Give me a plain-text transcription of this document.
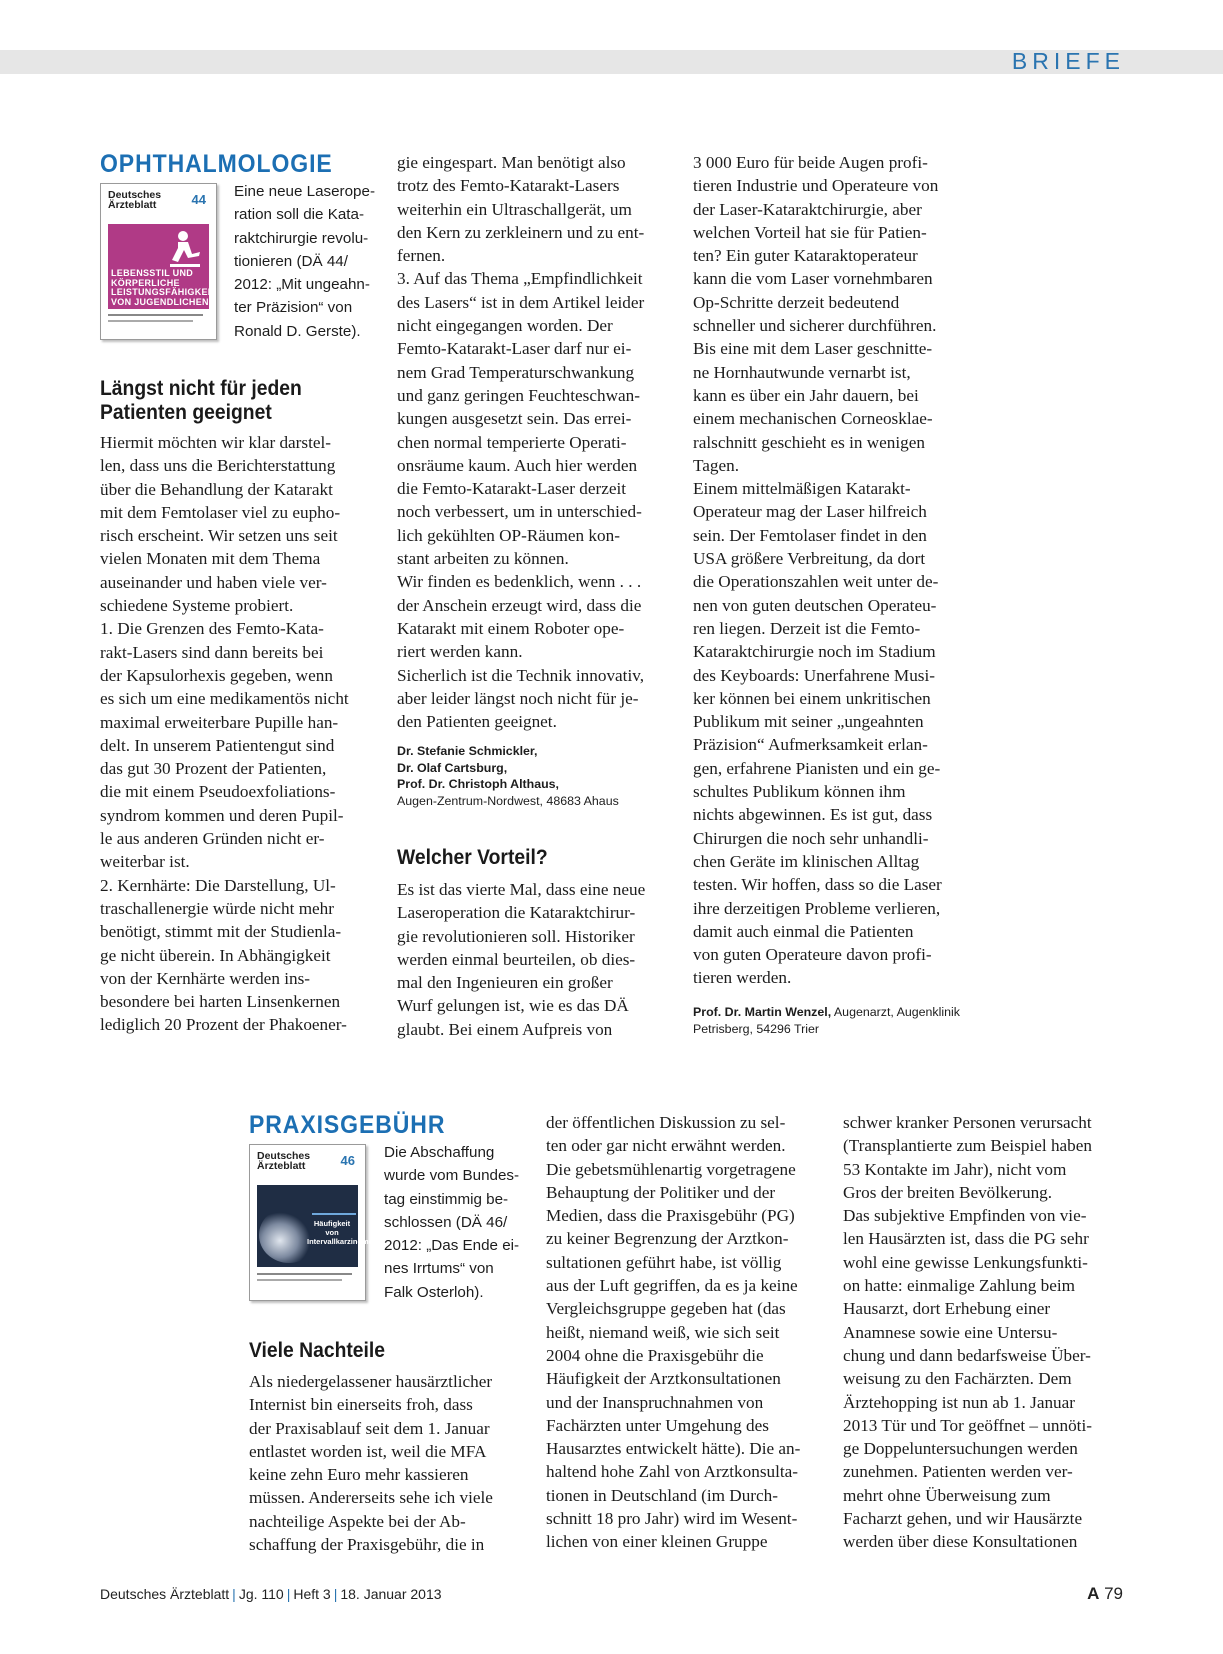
BRIEFE
OPHTHALMOLOGIE
Deutsches
Ärzteblatt	44
LEBENSSTIL UND
KÖRPERLICHE
LEISTUNGSFÄHIGKEIT
VON JUGENDLICHEN
Eine neue Laserope-
ration soll die Kata-
raktchirurgie revolu-
tionieren (DÄ 44/
2012: „Mit ungeahn-
ter Präzision“ von
Ronald D. Gerste).
Längst nicht für jeden
Patienten geeignet
Hiermit möchten wir klar darstel-
len, dass uns die Berichterstattung
über die Behandlung der Katarakt
mit dem Femtolaser viel zu eupho-
risch erscheint. Wir setzen uns seit
vielen Monaten mit dem Thema
auseinander und haben viele ver-
schiedene Systeme probiert.
1. Die Grenzen des Femto-Kata-
rakt-Lasers sind dann bereits bei
der Kapsulorhexis gegeben, wenn
es sich um eine medikamentös nicht
maximal erweiterbare Pupille han-
delt. In unserem Patientengut sind
das gut 30 Prozent der Patienten,
die mit einem Pseudoexfoliations-
syndrom kommen und deren Pupil-
le aus anderen Gründen nicht er-
weiterbar ist.
2. Kernhärte: Die Darstellung, Ul-
traschallenergie würde nicht mehr
benötigt, stimmt mit der Studienla-
ge nicht überein. In Abhängigkeit
von der Kernhärte werden ins-
besondere bei harten Linsenkernen
lediglich 20 Prozent der Phakoener-
gie eingespart. Man benötigt also
trotz des Femto-Katarakt-Lasers
weiterhin ein Ultraschallgerät, um
den Kern zu zerkleinern und zu ent-
fernen.
3. Auf das Thema „Empfindlichkeit
des Lasers“ ist in dem Artikel leider
nicht eingegangen worden. Der
Femto-Katarakt-Laser darf nur ei-
nem Grad Temperaturschwankung
und ganz geringen Feuchteschwan-
kungen ausgesetzt sein. Das errei-
chen normal temperierte Operati-
onsräume kaum. Auch hier werden
die Femto-Katarakt-Laser derzeit
noch verbessert, um in unterschied-
lich gekühlten OP-Räumen kon-
stant arbeiten zu können.
Wir finden es bedenklich, wenn . . .
der Anschein erzeugt wird, dass die
Katarakt mit einem Roboter ope-
riert werden kann.
Sicherlich ist die Technik innovativ,
aber leider längst noch nicht für je-
den Patienten geeignet.
Dr. Stefanie Schmickler,
Dr. Olaf Cartsburg,
Prof. Dr. Christoph Althaus,
Augen-Zentrum-Nordwest, 48683 Ahaus
Welcher Vorteil?
Es ist das vierte Mal, dass eine neue
Laseroperation die Kataraktchirur-
gie revolutionieren soll. Historiker
werden einmal beurteilen, ob dies-
mal den Ingenieuren ein großer
Wurf gelungen ist, wie es das DÄ
glaubt. Bei einem Aufpreis von
3 000 Euro für beide Augen profi-
tieren Industrie und Operateure von
der Laser-Kataraktchirurgie, aber
welchen Vorteil hat sie für Patien-
ten? Ein guter Kataraktoperateur
kann die vom Laser vornehmbaren
Op-Schritte derzeit bedeutend
schneller und sicherer durchführen.
Bis eine mit dem Laser geschnitte-
ne Hornhautwunde vernarbt ist,
kann es über ein Jahr dauern, bei
einem mechanischen Corneosklae-
ralschnitt geschieht es in wenigen
Tagen.
Einem mittelmäßigen Katarakt-
Operateur mag der Laser hilfreich
sein. Der Femtolaser findet in den
USA größere Verbreitung, da dort
die Operationszahlen weit unter de-
nen von guten deutschen Operateu-
ren liegen. Derzeit ist die Femto-
Kataraktchirurgie noch im Stadium
des Keyboards: Unerfahrene Musi-
ker können bei einem unkritischen
Publikum mit seiner „ungeahnten
Präzision“ Aufmerksamkeit erlan-
gen, erfahrene Pianisten und ein ge-
schultes Publikum können ihm
nichts abgewinnen. Es ist gut, dass
Chirurgen die noch sehr unhandli-
chen Geräte im klinischen Alltag
testen. Wir hoffen, dass so die Laser
ihre derzeitigen Probleme verlieren,
damit auch einmal die Patienten
von guten Operateure davon profi-
tieren werden.
Prof. Dr. Martin Wenzel, Augenarzt, Augenklinik
Petrisberg, 54296 Trier
PRAXISGEBÜHR
Deutsches
Ärzteblatt	46
Häufigkeit von
Intervallkarzinomen
Die Abschaffung
wurde vom Bundes-
tag einstimmig be-
schlossen (DÄ 46/
2012: „Das Ende ei-
nes Irrtums“ von
Falk Osterloh).
Viele Nachteile
Als niedergelassener hausärztlicher
Internist bin einerseits froh, dass
der Praxisablauf seit dem 1. Januar
entlastet worden ist, weil die MFA
keine zehn Euro mehr kassieren
müssen. Andererseits sehe ich viele
nachteilige Aspekte bei der Ab-
schaffung der Praxisgebühr, die in
der öffentlichen Diskussion zu sel-
ten oder gar nicht erwähnt werden.
Die gebetsmühlenartig vorgetragene
Behauptung der Politiker und der
Medien, dass die Praxisgebühr (PG)
zu keiner Begrenzung der Arztkon-
sultationen geführt habe, ist völlig
aus der Luft gegriffen, da es ja keine
Vergleichsgruppe gegeben hat (das
heißt, niemand weiß, wie sich seit
2004 ohne die Praxisgebühr die
Häufigkeit der Arztkonsultationen
und der Inanspruchnahmen von
Fachärzten unter Umgehung des
Hausarztes entwickelt hätte). Die an-
haltend hohe Zahl von Arztkonsulta-
tionen in Deutschland (im Durch-
schnitt 18 pro Jahr) wird im Wesent-
lichen von einer kleinen Gruppe
schwer kranker Personen verursacht
(Transplantierte zum Beispiel haben
53 Kontakte im Jahr), nicht vom
Gros der breiten Bevölkerung.
Das subjektive Empfinden von vie-
len Hausärzten ist, dass die PG sehr
wohl eine gewisse Lenkungsfunkti-
on hatte: einmalige Zahlung beim
Hausarzt, dort Erhebung einer
Anamnese sowie eine Untersu-
chung und dann bedarfsweise Über-
weisung zu den Fachärzten. Dem
Ärztehopping ist nun ab 1. Januar
2013 Tür und Tor geöffnet – unnöti-
ge Doppeluntersuchungen werden
zunehmen. Patienten werden ver-
mehrt ohne Überweisung zum
Facharzt gehen, und wir Hausärzte
werden über diese Konsultationen
Deutsches Ärzteblatt | Jg. 110 | Heft 3 | 18. Januar 2013	A 79
